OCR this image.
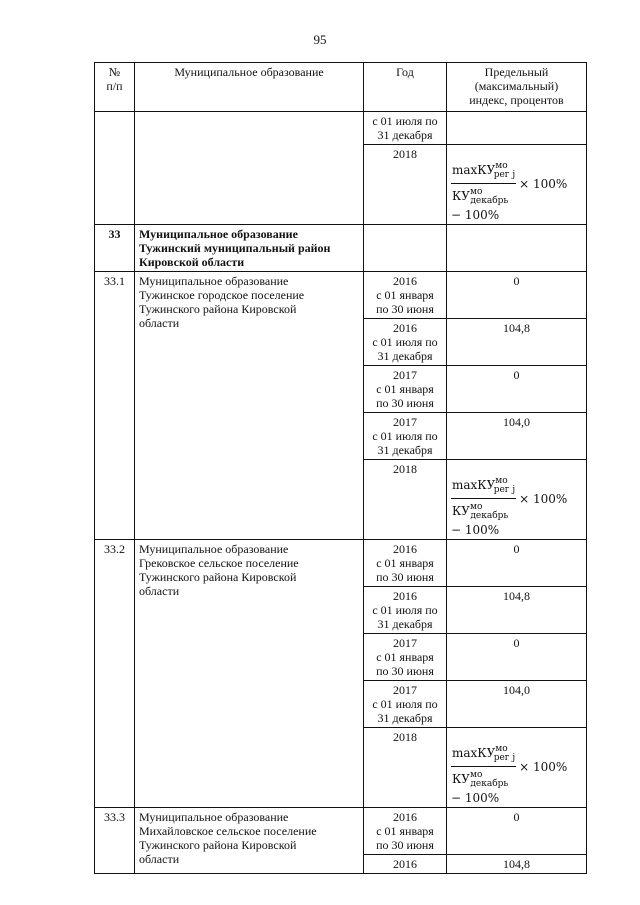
95
№
п/п	Муниципальное образование	Год	Предельный
(максимальный)
индекс, процентов
		с 01 июля по
31 декабря	
		2018	$\frac{\max КУ^{мо}_{рег j}}{КУ^{мо}_{декабрь}} \times 100\%$
− 100%

33	Муниципальное образование
Тужинский муниципальный район
Кировской области		
33.1	Муниципальное образование
Тужинское городское поселение
Тужинского района Кировской
области	2016
с 01 января
по 30 июня	0
		2016
с 01 июля по
31 декабря	104,8
		2017
с 01 января
по 30 июня	0
		2017
с 01 июля по
31 декабря	104,0
		2018	$\frac{\max КУ^{мо}_{рег j}}{КУ^{мо}_{декабрь}} \times 100\%$
− 100%

33.2	Муниципальное образование
Грековское сельское поселение
Тужинского района Кировской
области	2016
с 01 января
по 30 июня	0
		2016
с 01 июля по
31 декабря	104,8
		2017
с 01 января
по 30 июня	0
		2017
с 01 июля по
31 декабря	104,0
		2018	$\frac{\max КУ^{мо}_{рег j}}{КУ^{мо}_{декабрь}} \times 100\%$
− 100%

33.3	Муниципальное образование
Михайловское сельское поселение
Тужинского района Кировской
области	2016
с 01 января
по 30 июня	0
		2016	104,8
